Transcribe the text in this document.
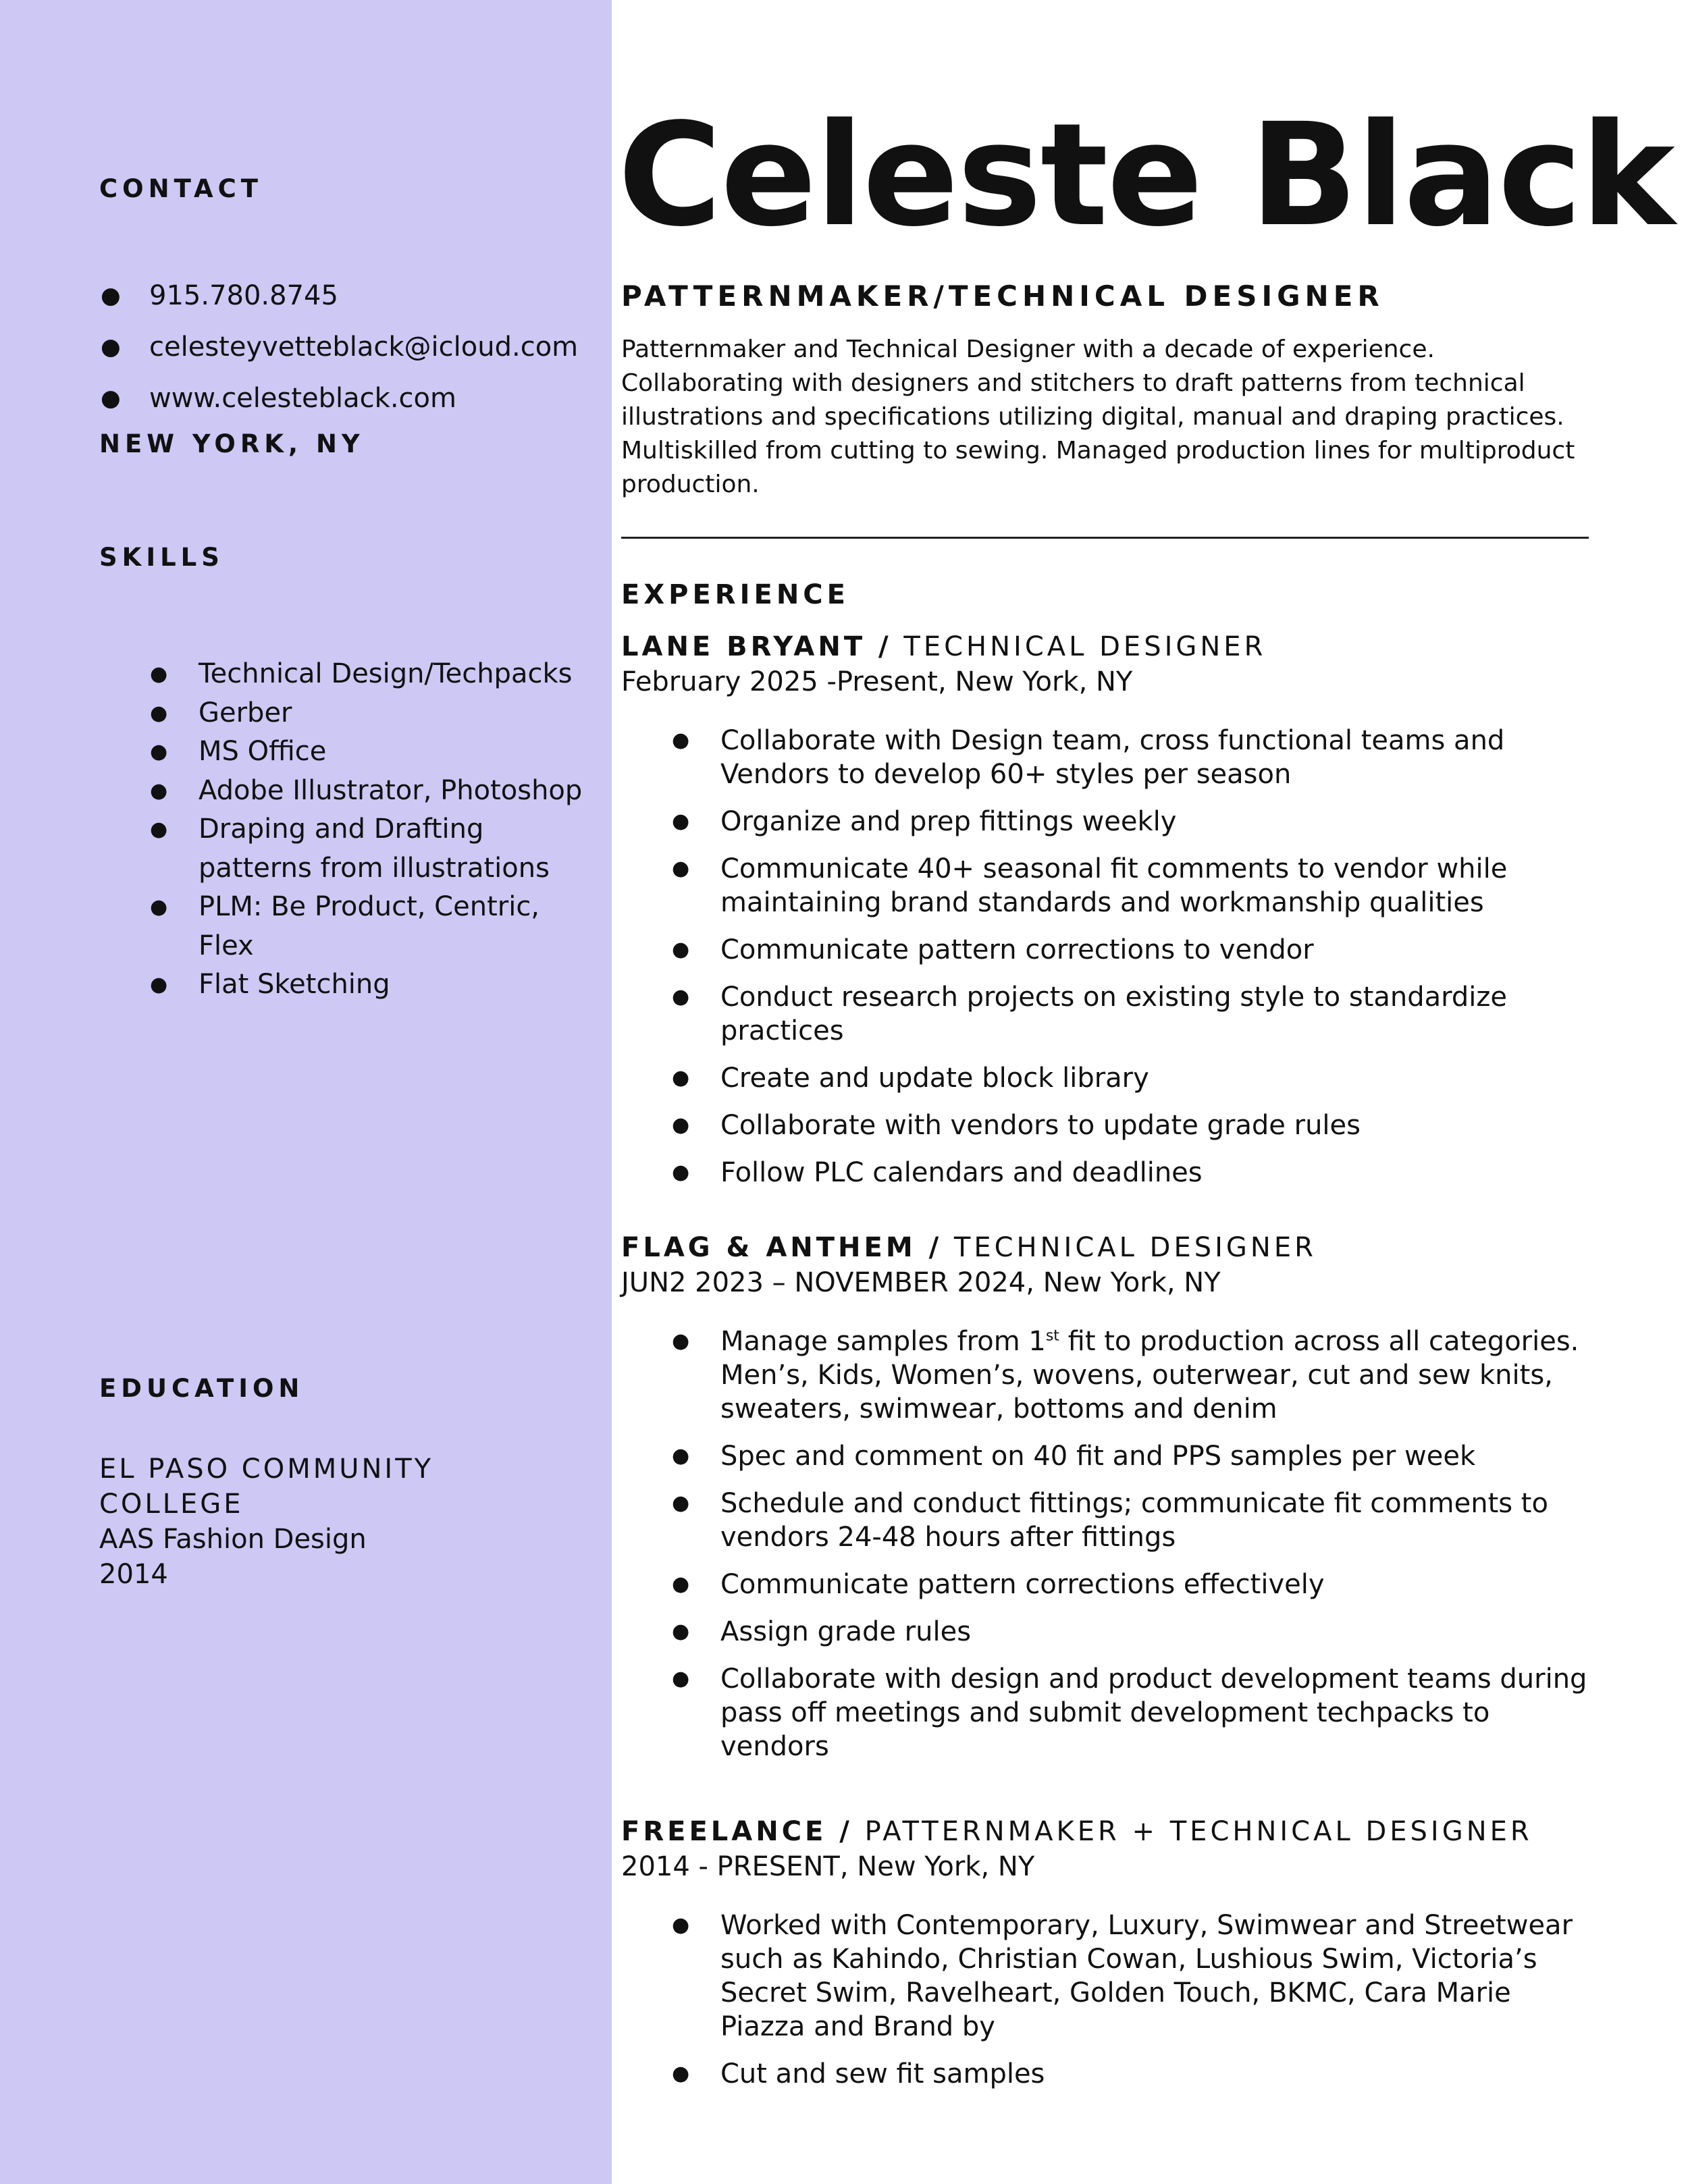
CONTACT
● 915.780.8745
● celesteyvetteblack@icloud.com
● www.celesteblack.com
NEW YORK, NY
SKILLS
● Technical Design/Techpacks
● Gerber
● MS Office
● Adobe Illustrator, Photoshop
● Draping and Drafting patterns from illustrations
● PLM: Be Product, Centric, Flex
● Flat Sketching
EDUCATION
EL PASO COMMUNITY COLLEGE
AAS Fashion Design
2014
Celeste Black
PATTERNMAKER/TECHNICAL DESIGNER

Patternmaker and Technical Designer with a decade of experience. Collaborating with designers and stitchers to draft patterns from technical illustrations and specifications utilizing digital, manual and draping practices. Multiskilled from cutting to sewing. Managed production lines for multiproduct production.

EXPERIENCE
LANE BRYANT / TECHNICAL DESIGNER
February 2025 -Present, New York, NY
● Collaborate with Design team, cross functional teams and Vendors to develop 60+ styles per season
● Organize and prep fittings weekly
● Communicate 40+ seasonal fit comments to vendor while maintaining brand standards and workmanship qualities
● Communicate pattern corrections to vendor
● Conduct research projects on existing style to standardize practices
● Create and update block library
● Collaborate with vendors to update grade rules
● Follow PLC calendars and deadlines
FLAG & ANTHEM / TECHNICAL DESIGNER
JUN2 2023 – NOVEMBER 2024, New York, NY
● Manage samples from 1st fit to production across all categories. Men’s, Kids, Women’s, wovens, outerwear, cut and sew knits, sweaters, swimwear, bottoms and denim
● Spec and comment on 40 fit and PPS samples per week
● Schedule and conduct fittings; communicate fit comments to vendors 24-48 hours after fittings
● Communicate pattern corrections effectively
● Assign grade rules
● Collaborate with design and product development teams during pass off meetings and submit development techpacks to vendors
FREELANCE / PATTERNMAKER + TECHNICAL DESIGNER
2014 - PRESENT, New York, NY
● Worked with Contemporary, Luxury, Swimwear and Streetwear such as Kahindo, Christian Cowan, Lushious Swim, Victoria’s Secret Swim, Ravelheart, Golden Touch, BKMC, Cara Marie Piazza and Brand by
● Cut and sew fit samples
